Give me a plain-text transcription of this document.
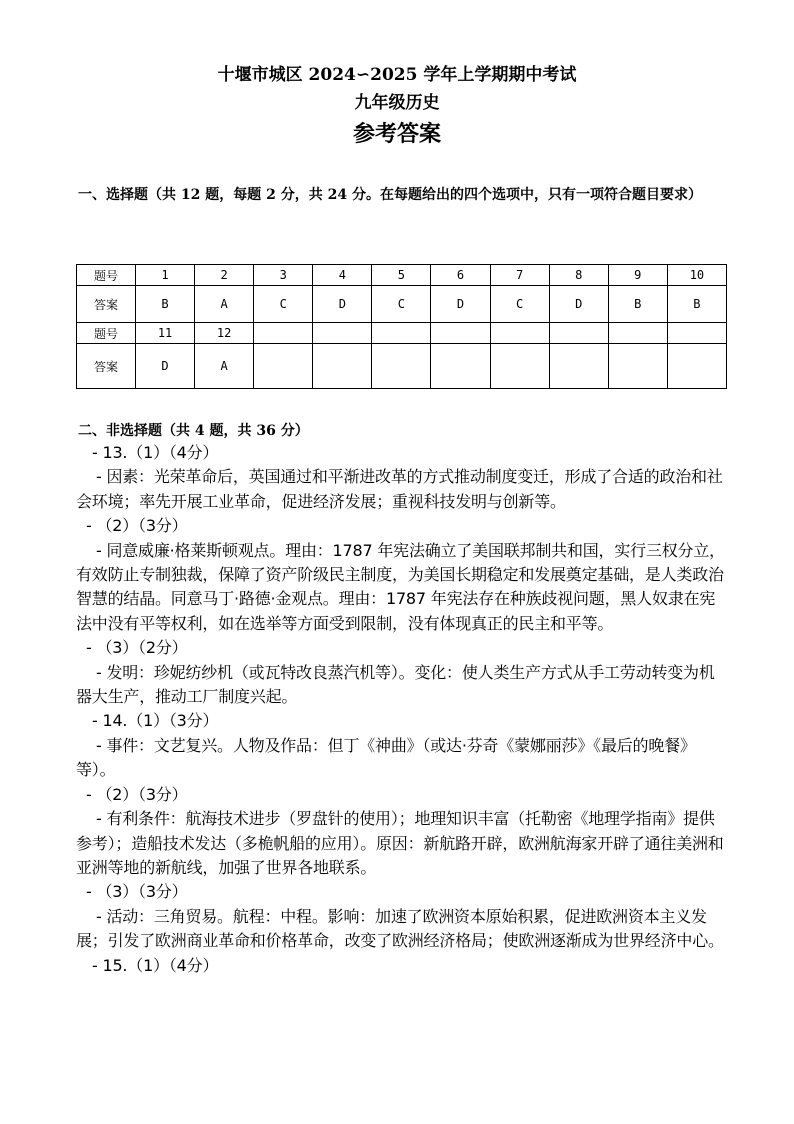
十堰市城区 2024∽2025 学年上学期期中考试
九年级历史
参考答案
一、选择题（共 12 题，每题 2 分，共 24 分。在每题给出的四个选项中，只有一项符合题目要求）
题号	1	2	3	4	5	6	7	8	9	10
答案	B	A	C	D	C	D	C	D	B	B
题号	11	12								
答案	D	A								
二、非选择题（共 4 题，共 36 分）

- 13.（1）（4分）

- 因素：光荣革命后，英国通过和平渐进改革的方式推动制度变迁，形成了合适的政治和社会环境；率先开展工业革命，促进经济发展；重视科技发明与创新等。

- （2）（3分）

- 同意威廉·格莱斯顿观点。理由：1787 年宪法确立了美国联邦制共和国，实行三权分立，有效防止专制独裁，保障了资产阶级民主制度，为美国长期稳定和发展奠定基础，是人类政治智慧的结晶。同意马丁·路德·金观点。理由：1787 年宪法存在种族歧视问题，黑人奴隶在宪法中没有平等权利，如在选举等方面受到限制，没有体现真正的民主和平等。

- （3）（2分）

- 发明：珍妮纺纱机（或瓦特改良蒸汽机等）。变化：使人类生产方式从手工劳动转变为机器大生产，推动工厂制度兴起。

- 14.（1）（3分）

- 事件：文艺复兴。人物及作品：但丁《神曲》（或达·芬奇《蒙娜丽莎》《最后的晚餐》等）。

- （2）（3分）

- 有利条件：航海技术进步（罗盘针的使用）；地理知识丰富（托勒密《地理学指南》提供参考）；造船技术发达（多桅帆船的应用）。原因：新航路开辟，欧洲航海家开辟了通往美洲和亚洲等地的新航线，加强了世界各地联系。

- （3）（3分）

- 活动：三角贸易。航程：中程。影响：加速了欧洲资本原始积累，促进欧洲资本主义发展；引发了欧洲商业革命和价格革命，改变了欧洲经济格局；使欧洲逐渐成为世界经济中心。

- 15.（1）（4分）
